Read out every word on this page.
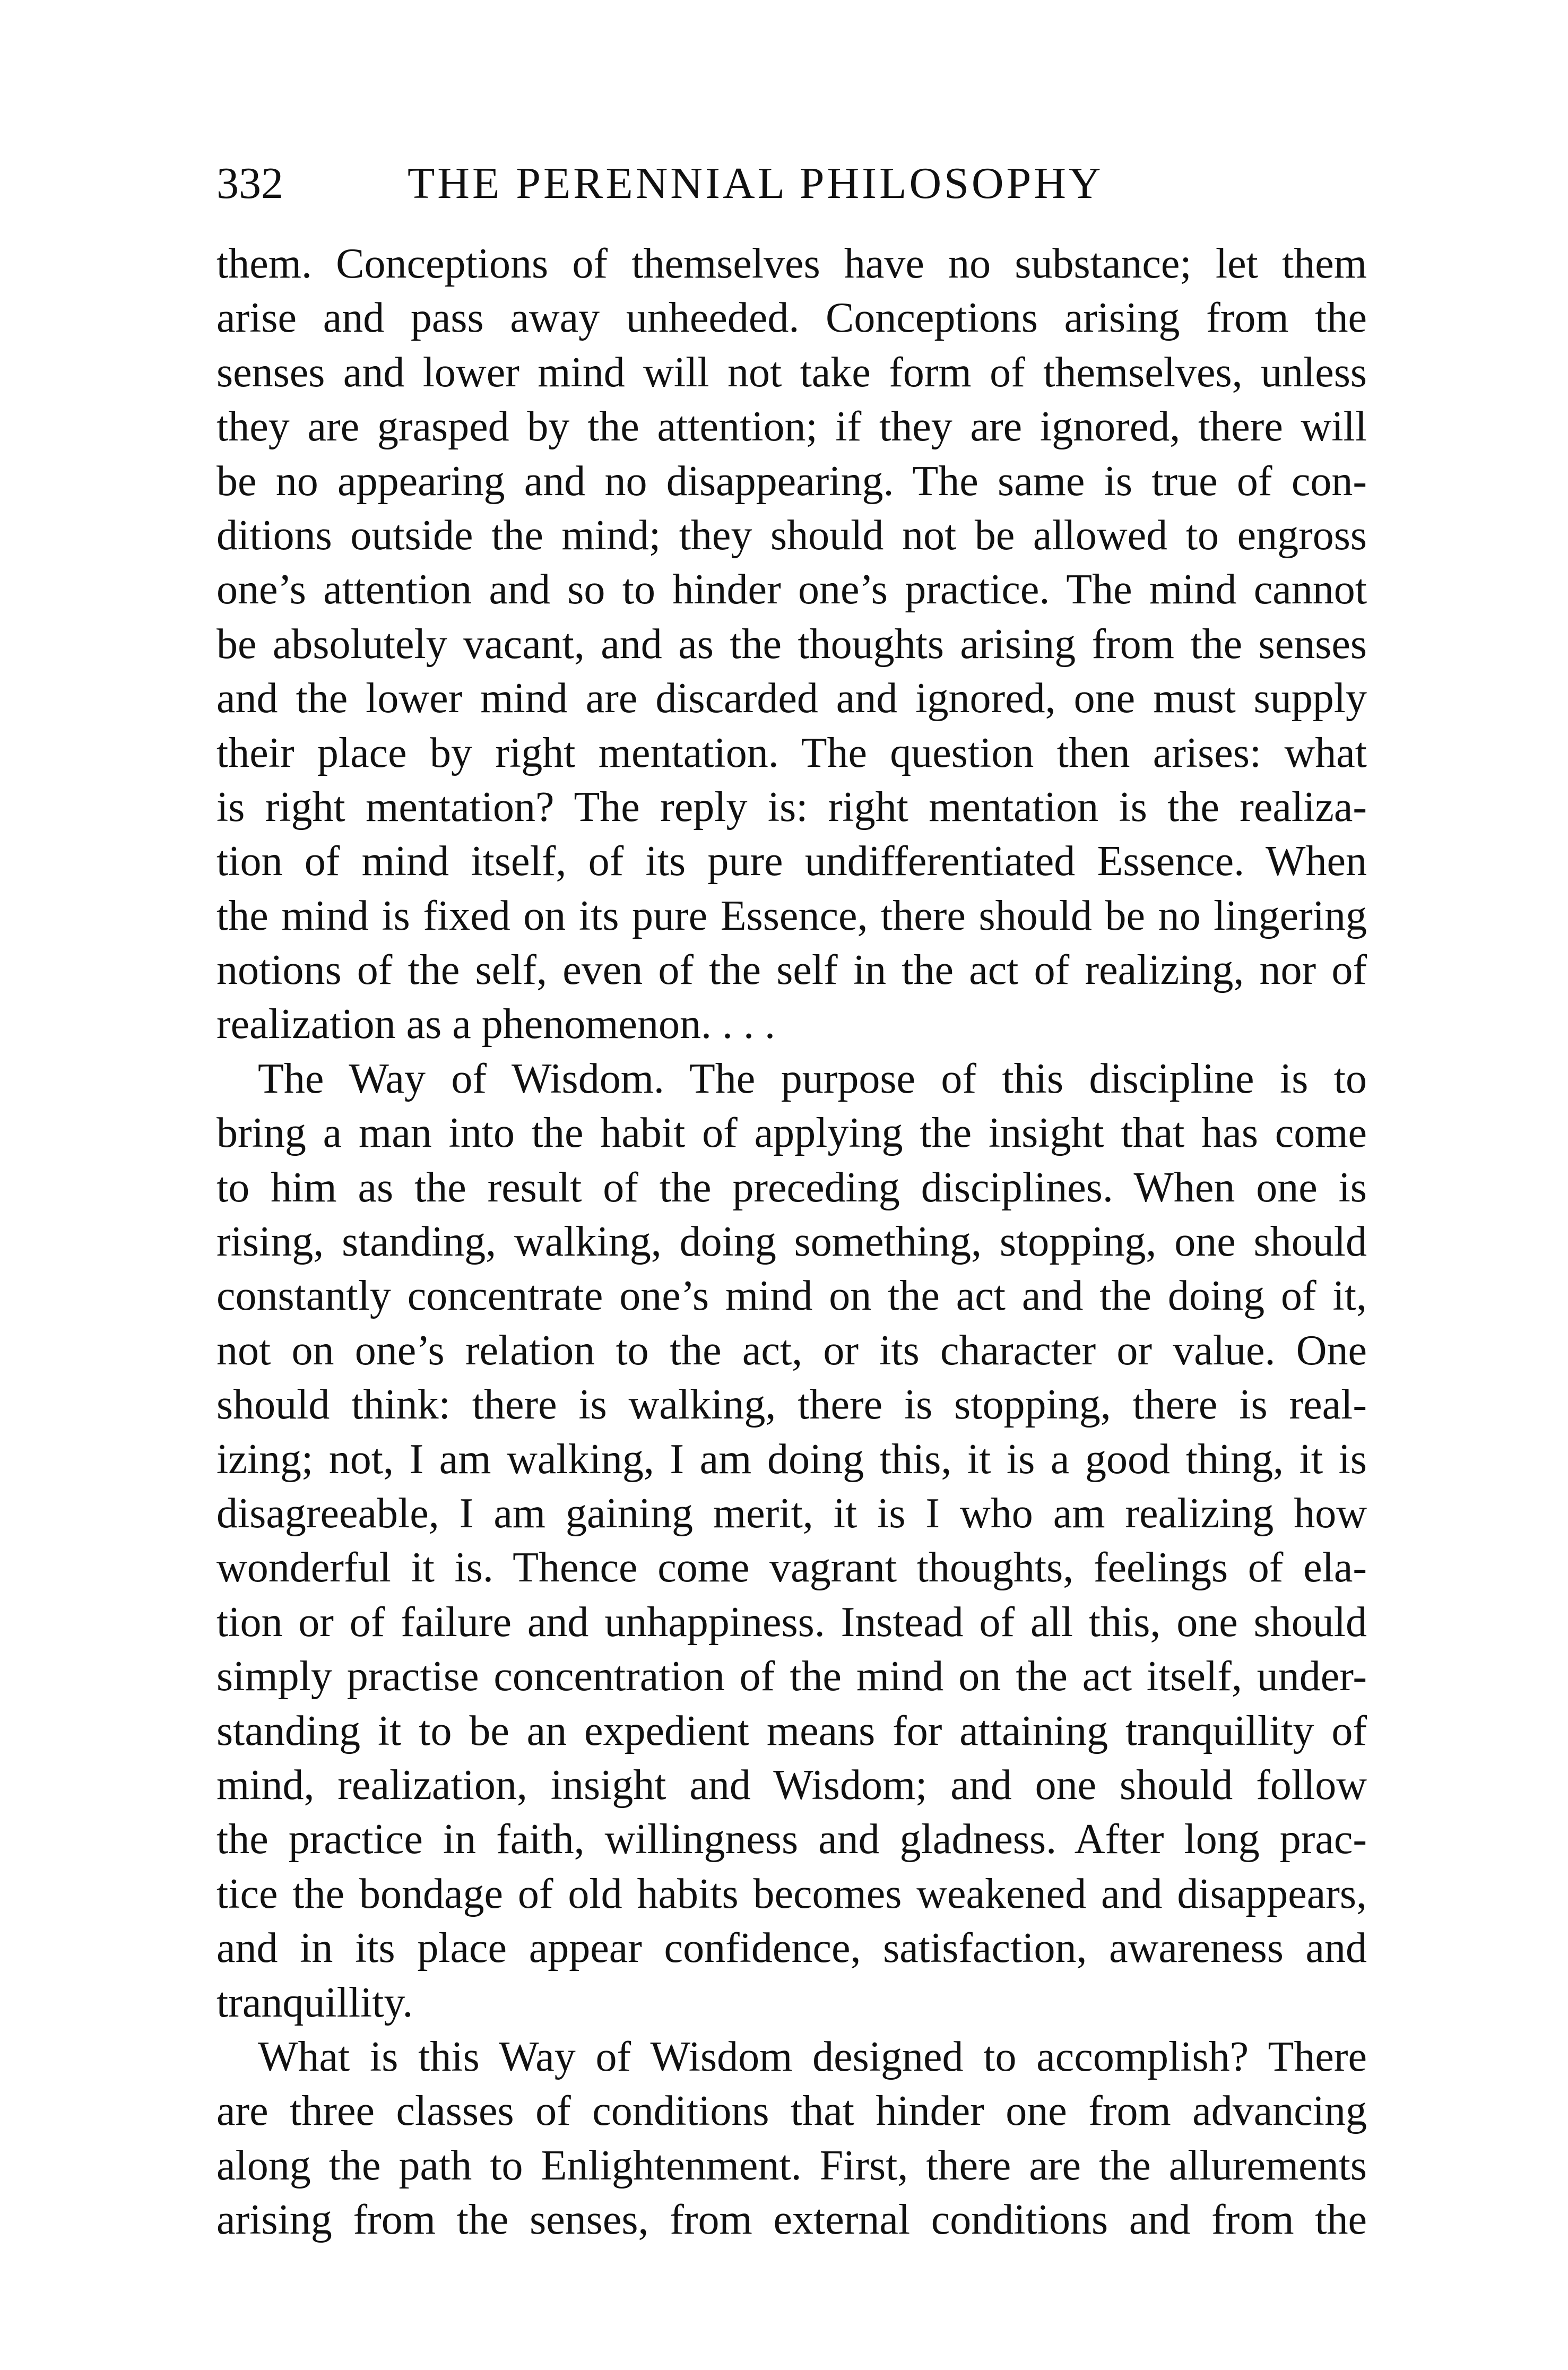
332	THE PERENNIAL PHILOSOPHY
them. Conceptions of themselves have no substance; let them
arise and pass away unheeded. Conceptions arising from the
senses and lower mind will not take form of themselves, unless
they are grasped by the attention; if they are ignored, there will
be no appearing and no disappearing. The same is true of con-
ditions outside the mind; they should not be allowed to engross
one’s attention and so to hinder one’s practice. The mind cannot
be absolutely vacant, and as the thoughts arising from the senses
and the lower mind are discarded and ignored, one must supply
their place by right mentation. The question then arises: what
is right mentation? The reply is: right mentation is the realiza-
tion of mind itself, of its pure undifferentiated Essence. When
the mind is fixed on its pure Essence, there should be no lingering
notions of the self, even of the self in the act of realizing, nor of
realization as a phenomenon. . . .
The Way of Wisdom. The purpose of this discipline is to
bring a man into the habit of applying the insight that has come
to him as the result of the preceding disciplines. When one is
rising, standing, walking, doing something, stopping, one should
constantly concentrate one’s mind on the act and the doing of it,
not on one’s relation to the act, or its character or value. One
should think: there is walking, there is stopping, there is real-
izing; not, I am walking, I am doing this, it is a good thing, it is
disagreeable, I am gaining merit, it is I who am realizing how
wonderful it is. Thence come vagrant thoughts, feelings of ela-
tion or of failure and unhappiness. Instead of all this, one should
simply practise concentration of the mind on the act itself, under-
standing it to be an expedient means for attaining tranquillity of
mind, realization, insight and Wisdom; and one should follow
the practice in faith, willingness and gladness. After long prac-
tice the bondage of old habits becomes weakened and disappears,
and in its place appear confidence, satisfaction, awareness and
tranquillity.
What is this Way of Wisdom designed to accomplish? There
are three classes of conditions that hinder one from advancing
along the path to Enlightenment. First, there are the allurements
arising from the senses, from external conditions and from the
